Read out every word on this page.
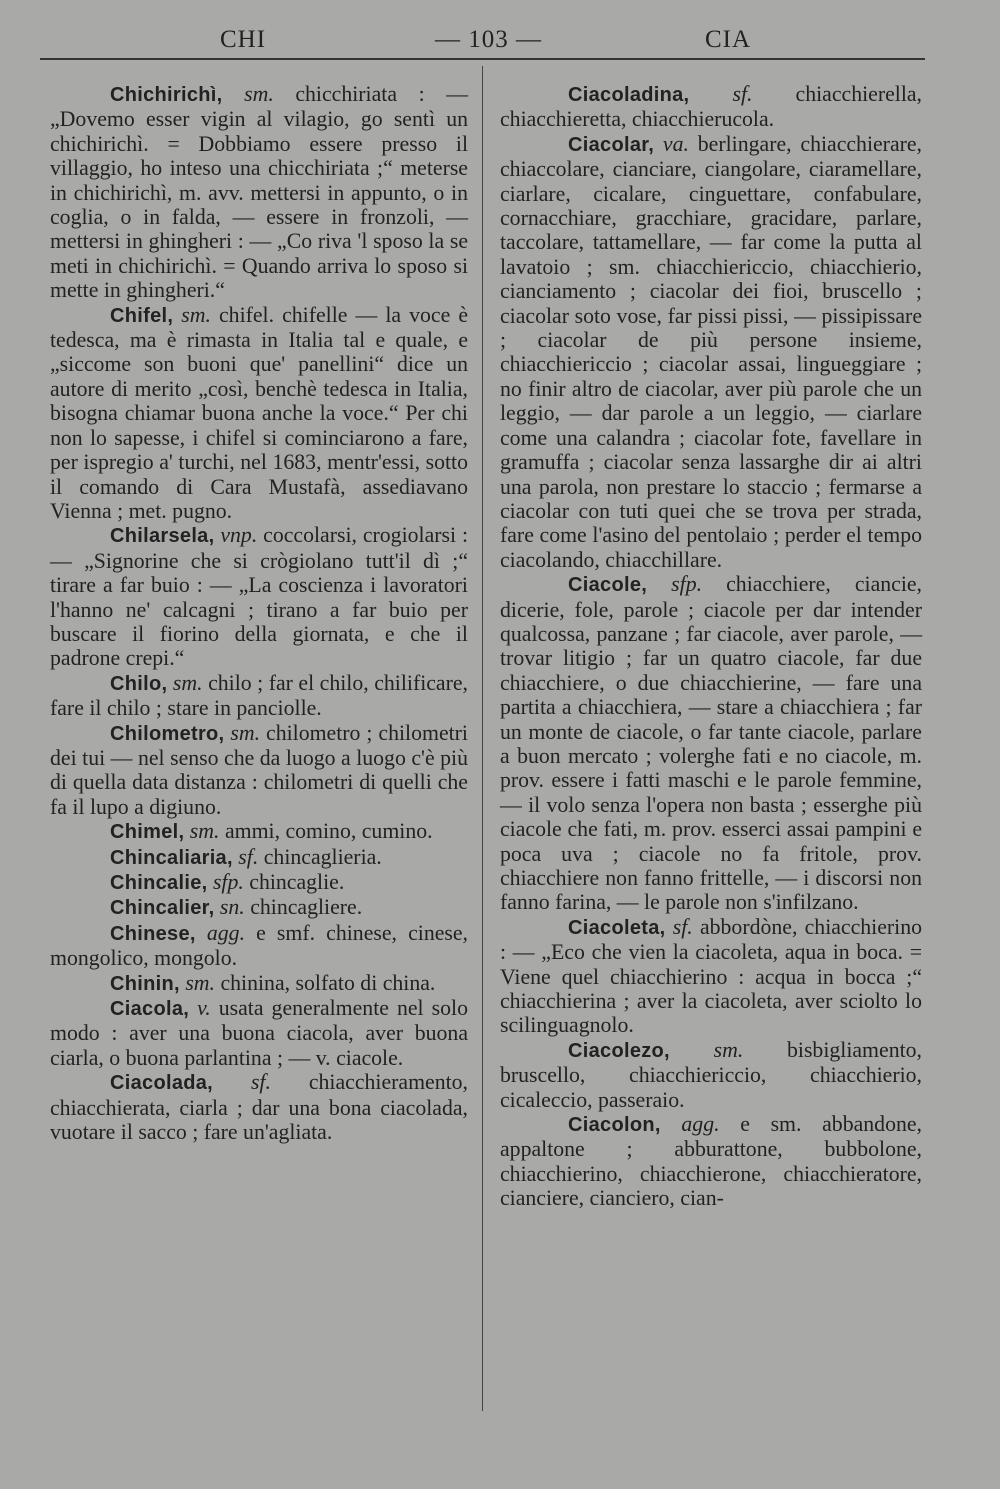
CHI	— 103 —	CIA

Chichirichì, sm. chicchiriata : — „Dovemo esser vigin al vilagio, go sentì un chichirichì. = Dobbiamo essere presso il villaggio, ho inteso una chicchiriata ;“ meterse in chichirichì, m. avv. mettersi in appunto, o in coglia, o in falda, — essere in fronzoli, — mettersi in ghingheri : — „Co riva 'l sposo la se meti in chichirichì. = Quando arriva lo sposo si mette in ghingheri.“

Chifel, sm. chifel. chifelle — la voce è tedesca, ma è rimasta in Italia tal e quale, e „siccome son buoni que' panellini“ dice un autore di merito „così, benchè tedesca in Italia, bisogna chiamar buona anche la voce.“ Per chi non lo sapesse, i chifel si cominciarono a fare, per ispregio a' turchi, nel 1683, mentr'essi, sotto il comando di Cara Mustafà, assediavano Vienna ; met. pugno.

Chilarsela, vnp. coccolarsi, crogiolarsi : — „Signorine che si crògiolano tutt'il dì ;“ tirare a far buio : — „La coscienza i lavoratori l'hanno ne' calcagni ; tirano a far buio per buscare il fiorino della giornata, e che il padrone crepi.“

Chilo, sm. chilo ; far el chilo, chilificare, fare il chilo ; stare in panciolle.

Chilometro, sm. chilometro ; chilometri dei tui — nel senso che da luogo a luogo c'è più di quella data distanza : chilometri di quelli che fa il lupo a digiuno.

Chimel, sm. ammi, comino, cumino.

Chincaliaria, sf. chincaglieria.

Chincalie, sfp. chincaglie.

Chincalier, sn. chincagliere.

Chinese, agg. e smf. chinese, cinese, mongolico, mongolo.

Chinin, sm. chinina, solfato di china.

Ciacola, v. usata generalmente nel solo modo : aver una buona ciacola, aver buona ciarla, o buona parlantina ; — v. ciacole.

Ciacolada, sf. chiacchieramento, chiacchierata, ciarla ; dar una bona ciacolada, vuotare il sacco ; fare un'agliata.

Ciacoladina, sf. chiacchierella, chiacchieretta, chiacchierucola.

Ciacolar, va. berlingare, chiacchierare, chiaccolare, cianciare, ciangolare, ciaramellare, ciarlare, cicalare, cinguettare, confabulare, cornacchiare, gracchiare, gracidare, parlare, taccolare, tattamellare, — far come la putta al lavatoio ; sm. chiacchiericcio, chiacchierio, cianciamento ; ciacolar dei fioi, bruscello ; ciacolar soto vose, far pissi pissi, — pissipissare ; ciacolar de più persone insieme, chiacchiericcio ; ciacolar assai, lingueggiare ; no finir altro de ciacolar, aver più parole che un leggio, — dar parole a un leggio, — ciarlare come una calandra ; ciacolar fote, favellare in gramuffa ; ciacolar senza lassarghe dir ai altri una parola, non prestare lo staccio ; fermarse a ciacolar con tuti quei che se trova per strada, fare come l'asino del pentolaio ; perder el tempo ciacolando, chiacchillare.

Ciacole, sfp. chiacchiere, ciancie, dicerie, fole, parole ; ciacole per dar intender qualcossa, panzane ; far ciacole, aver parole, — trovar litigio ; far un quatro ciacole, far due chiacchiere, o due chiacchierine, — fare una partita a chiacchiera, — stare a chiacchiera ; far un monte de ciacole, o far tante ciacole, parlare a buon mercato ; volerghe fati e no ciacole, m. prov. essere i fatti maschi e le parole femmine, — il volo senza l'opera non basta ; esserghe più ciacole che fati, m. prov. esserci assai pampini e poca uva ; ciacole no fa fritole, prov. chiacchiere non fanno frittelle, — i discorsi non fanno farina, — le parole non s'infilzano.

Ciacoleta, sf. abbordòne, chiacchierino : — „Eco che vien la ciacoleta, aqua in boca. = Viene quel chiacchierino : acqua in bocca ;“ chiacchierina ; aver la ciacoleta, aver sciolto lo scilinguagnolo.

Ciacolezo, sm. bisbigliamento, bruscello, chiacchiericcio, chiacchierio, cicaleccio, passeraio.

Ciacolon, agg. e sm. abbandone, appaltone ; abburattone, bubbolone, chiacchierino, chiacchierone, chiacchieratore, cianciere, cianciero, cian-
